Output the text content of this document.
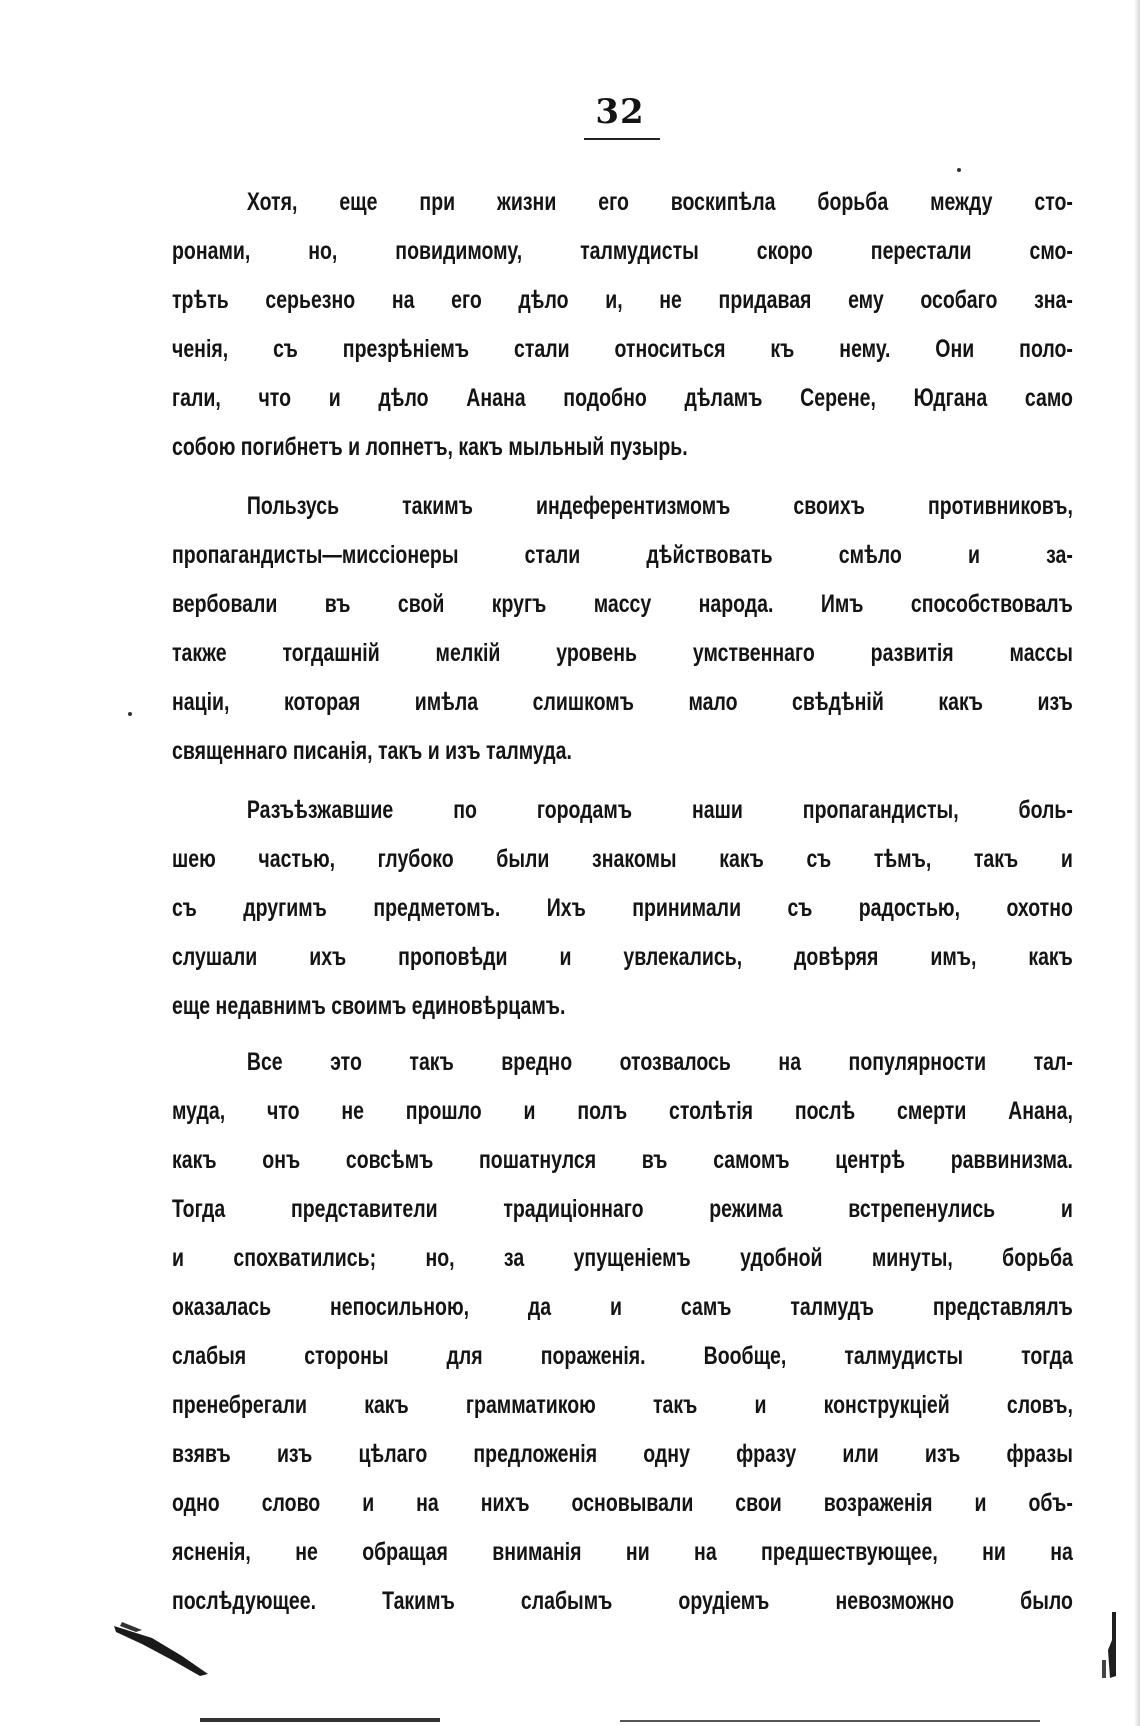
32
Хотя, еще при жизни его воскипѣла борьба между сто-
ронами, но, повидимому, талмудисты скоро перестали смо-
трѣть серьезно на его дѣло и, не придавая ему особаго зна-
ченія, съ презрѣніемъ стали относиться къ нему. Они поло-
гали, что и дѣло Анана подобно дѣламъ Серене, Юдгана само
собою погибнетъ и лопнетъ, какъ мыльный пузырь.
Пользусь такимъ индеферентизмомъ своихъ противниковъ,
пропагандисты—миссіонеры стали дѣйствовать смѣло и за-
вербовали въ свой кругъ массу народа. Имъ способствовалъ
также тогдашній мелкій уровень умственнаго развитія массы
націи, которая имѣла слишкомъ мало свѣдѣній какъ изъ
священнаго писанія, такъ и изъ талмуда.
Разъѣзжавшие по городамъ наши пропагандисты, боль-
шею частью, глубоко были знакомы какъ съ тѣмъ, такъ и
съ другимъ предметомъ. Ихъ принимали съ радостью, охотно
слушали ихъ проповѣди и увлекались, довѣряя имъ, какъ
еще недавнимъ своимъ единовѣрцамъ.
Все это такъ вредно отозвалось на популярности тал-
муда, что не прошло и полъ столѣтія послѣ смерти Анана,
какъ онъ совсѣмъ пошатнулся въ самомъ центрѣ раввинизма.
Тогда представители традиціоннаго режима встрепенулись и
и спохватились; но, за упущеніемъ удобной минуты, борьба
оказалась непосильною, да и самъ талмудъ представлялъ
слабыя стороны для пораженія. Вообще, талмудисты тогда
пренебрегали какъ грамматикою такъ и конструкціей словъ,
взявъ изъ цѣлаго предложенія одну фразу или изъ фразы
одно слово и на нихъ основывали свои возраженія и объ-
ясненія, не обращая вниманія ни на предшествующее, ни на
послѣдующее. Такимъ слабымъ орудіемъ невозможно было
